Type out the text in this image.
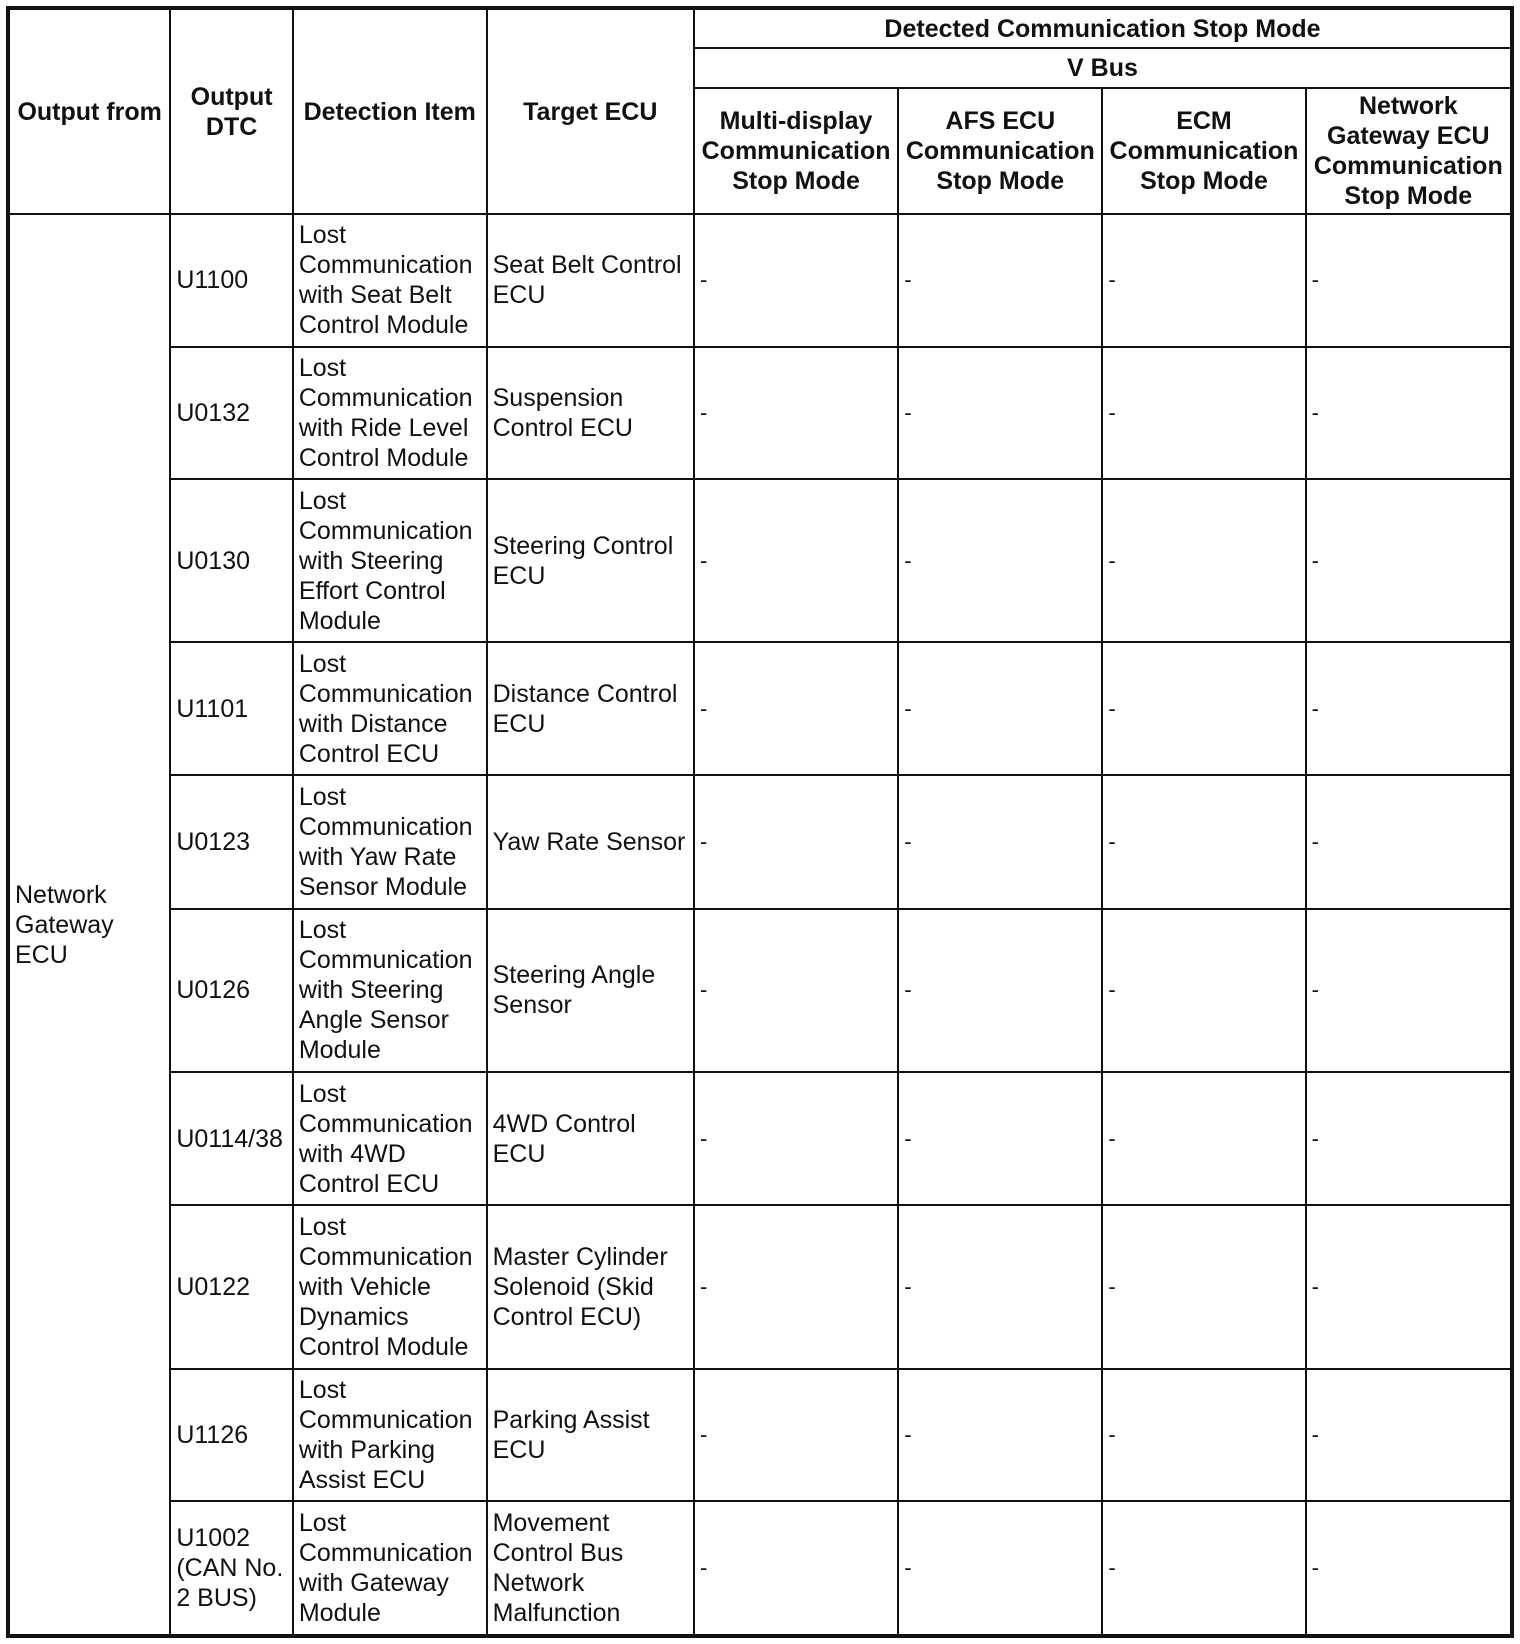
Output from	Output DTC	Detection Item	Target ECU	Detected Communication Stop Mode			
				V Bus			
				Multi-display Communication Stop Mode	AFS ECU Communication Stop Mode	ECM Communication Stop Mode	Network Gateway ECU Communication Stop Mode
Network Gateway ECU	U1100	Lost Communication with Seat Belt Control Module	Seat Belt Control ECU	-	-	-	-
	U0132	Lost Communication with Ride Level Control Module	Suspension Control ECU	-	-	-	-
	U0130	Lost Communication with Steering Effort Control Module	Steering Control ECU	-	-	-	-
	U1101	Lost Communication with Distance Control ECU	Distance Control ECU	-	-	-	-
	U0123	Lost Communication with Yaw Rate Sensor Module	Yaw Rate Sensor	-	-	-	-
	U0126	Lost Communication with Steering Angle Sensor Module	Steering Angle Sensor	-	-	-	-
	U0114/38	Lost Communication with 4WD Control ECU	4WD Control ECU	-	-	-	-
	U0122	Lost Communication with Vehicle Dynamics Control Module	Master Cylinder Solenoid (Skid Control ECU)	-	-	-	-
	U1126	Lost Communication with Parking Assist ECU	Parking Assist ECU	-	-	-	-
	U1002 (CAN No. 2 BUS)	Lost Communication with Gateway Module	Movement Control Bus Network Malfunction	-	-	-	-
